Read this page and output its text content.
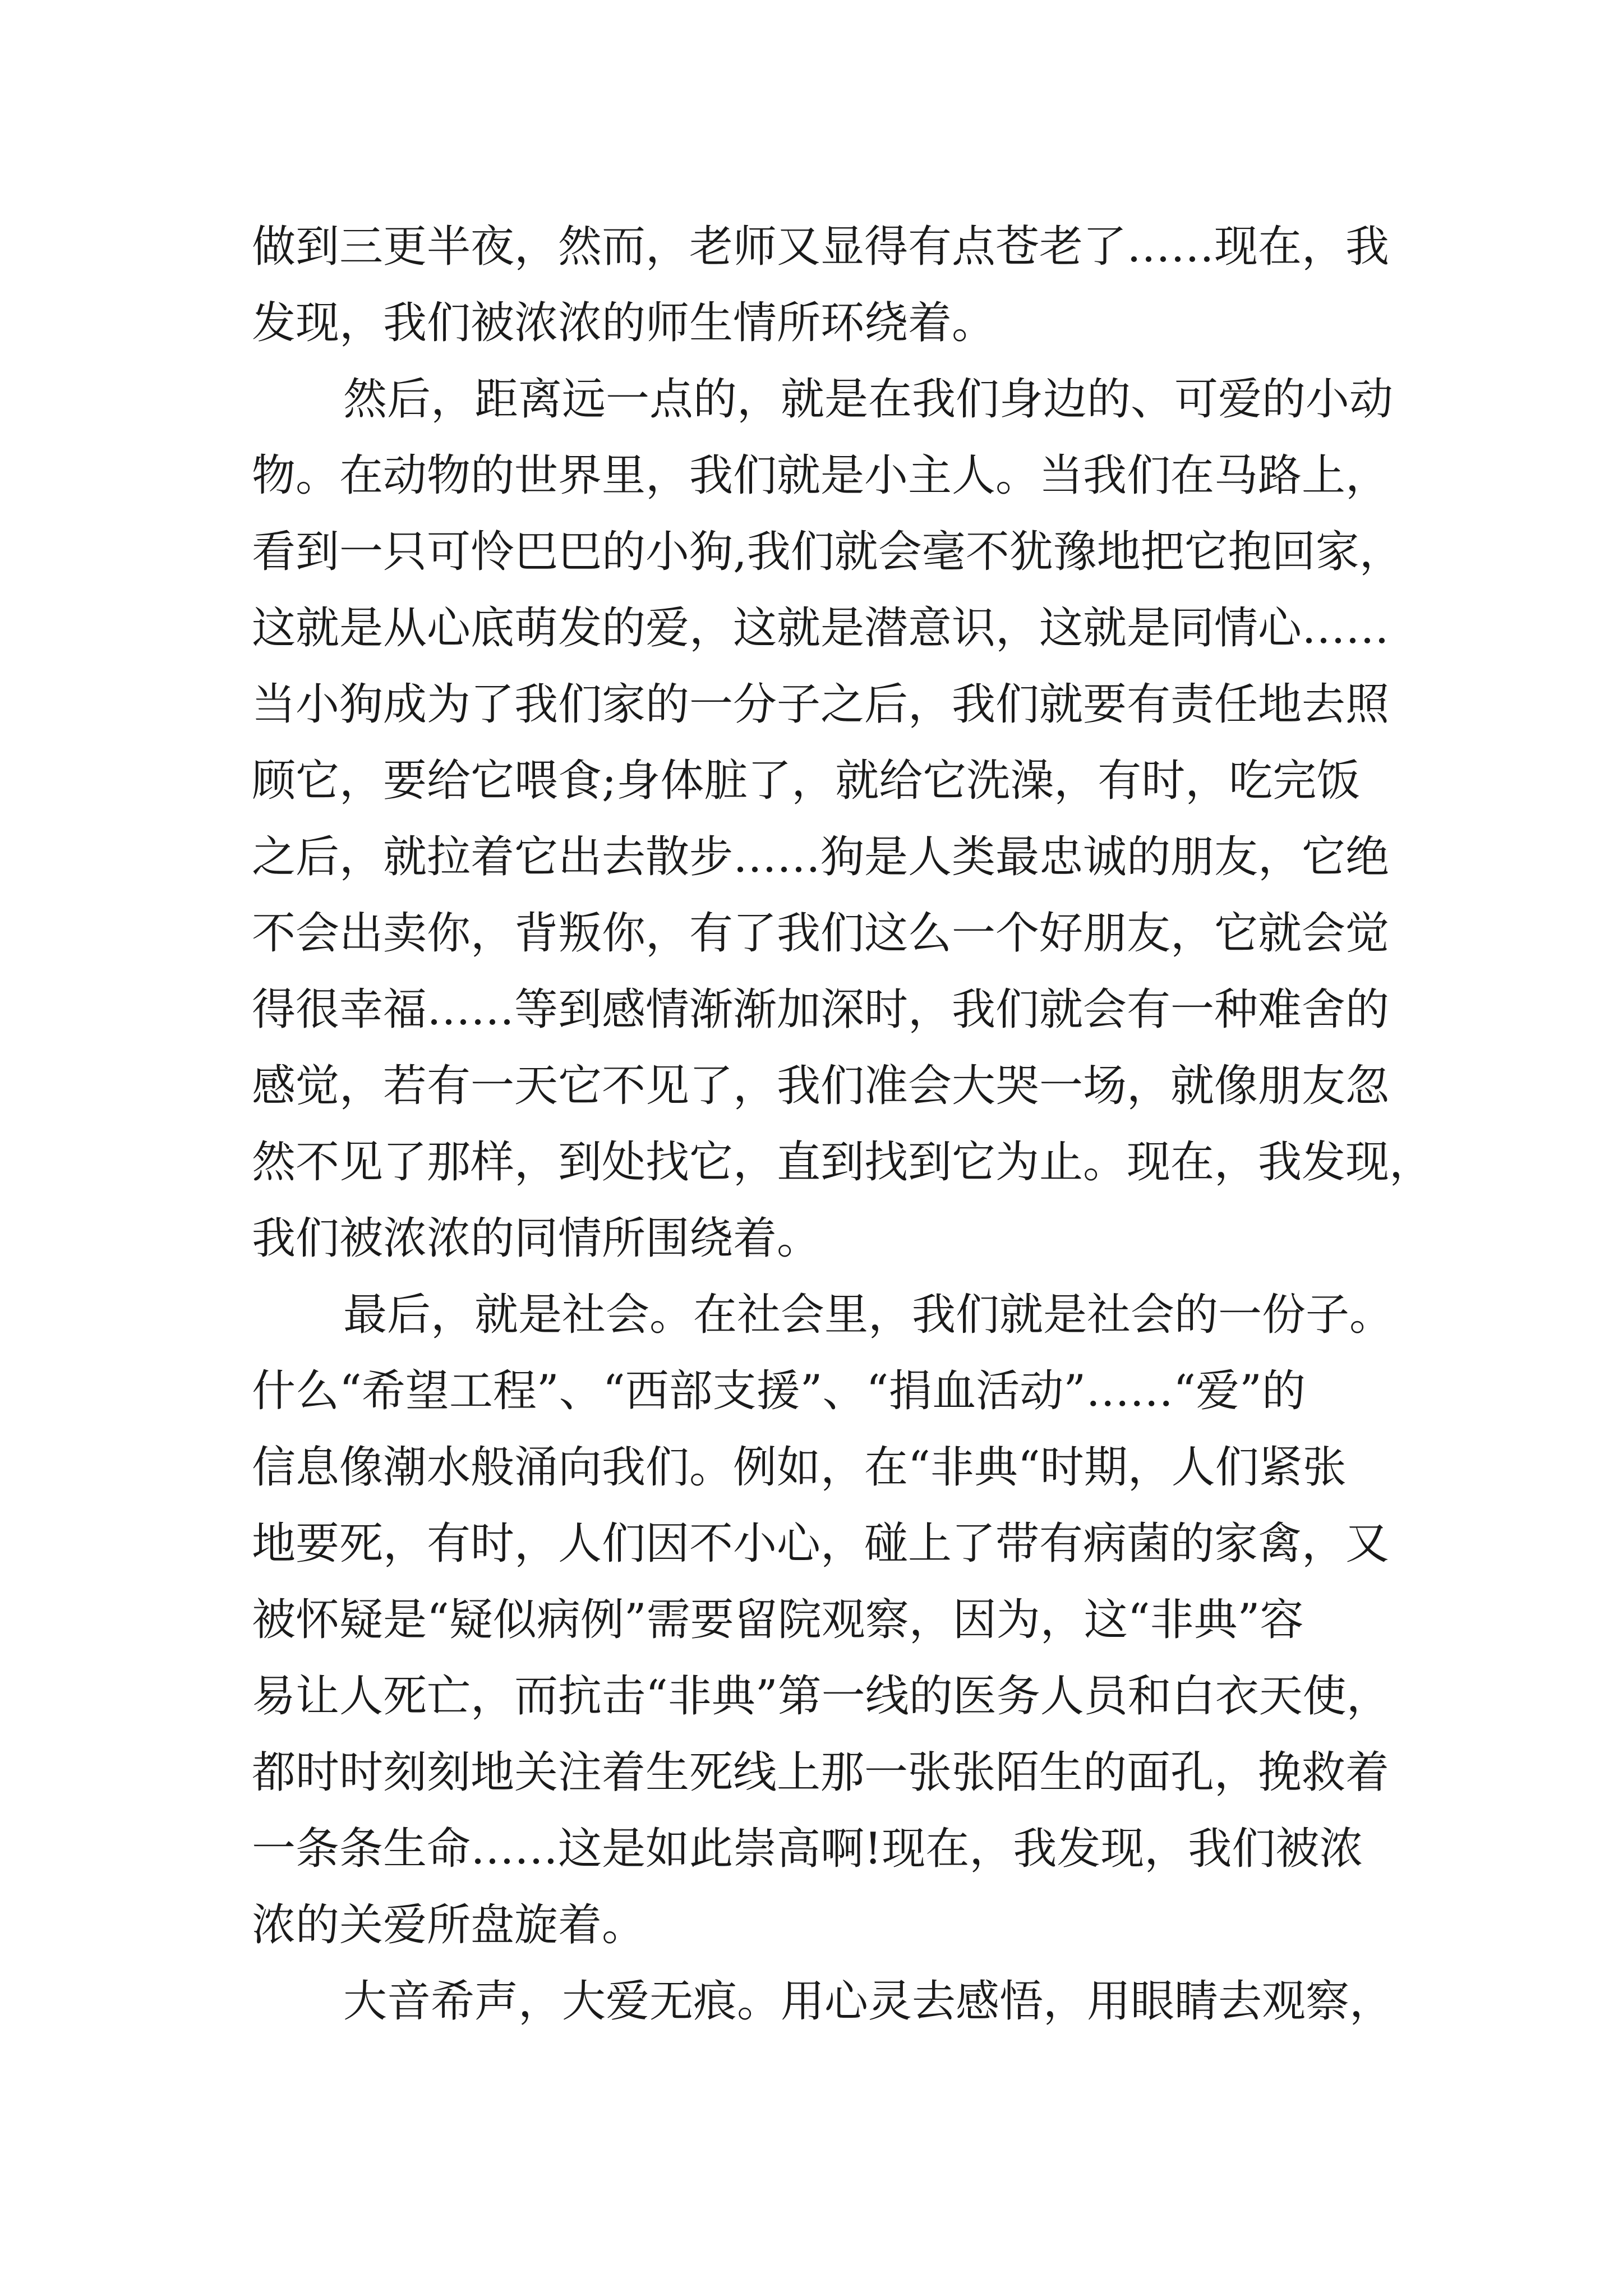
做到三更半夜，然而，老师又显得有点苍老了……现在，我
发现，我们被浓浓的师生情所环绕着。
然后，距离远一点的，就是在我们身边的、可爱的小动
物。在动物的世界里，我们就是小主人。当我们在马路上，
看到一只可怜巴巴的小狗,我们就会毫不犹豫地把它抱回家，
这就是从心底萌发的爱，这就是潜意识，这就是同情心……
当小狗成为了我们家的一分子之后，我们就要有责任地去照
顾它，要给它喂食;身体脏了，就给它洗澡，有时，吃完饭
之后，就拉着它出去散步……狗是人类最忠诚的朋友，它绝
不会出卖你，背叛你，有了我们这么一个好朋友，它就会觉
得很幸福……等到感情渐渐加深时，我们就会有一种难舍的
感觉，若有一天它不见了，我们准会大哭一场，就像朋友忽
然不见了那样，到处找它，直到找到它为止。现在，我发现，
我们被浓浓的同情所围绕着。
最后，就是社会。在社会里，我们就是社会的一份子。
什么“希望工程”、“西部支援”、“捐血活动”……“爱”的
信息像潮水般涌向我们。例如，在“非典“时期，人们紧张
地要死，有时，人们因不小心，碰上了带有病菌的家禽，又
被怀疑是“疑似病例”需要留院观察，因为，这“非典”容
易让人死亡，而抗击“非典”第一线的医务人员和白衣天使，
都时时刻刻地关注着生死线上那一张张陌生的面孔，挽救着
一条条生命……这是如此崇高啊!现在，我发现，我们被浓
浓的关爱所盘旋着。
大音希声，大爱无痕。用心灵去感悟，用眼睛去观察，
